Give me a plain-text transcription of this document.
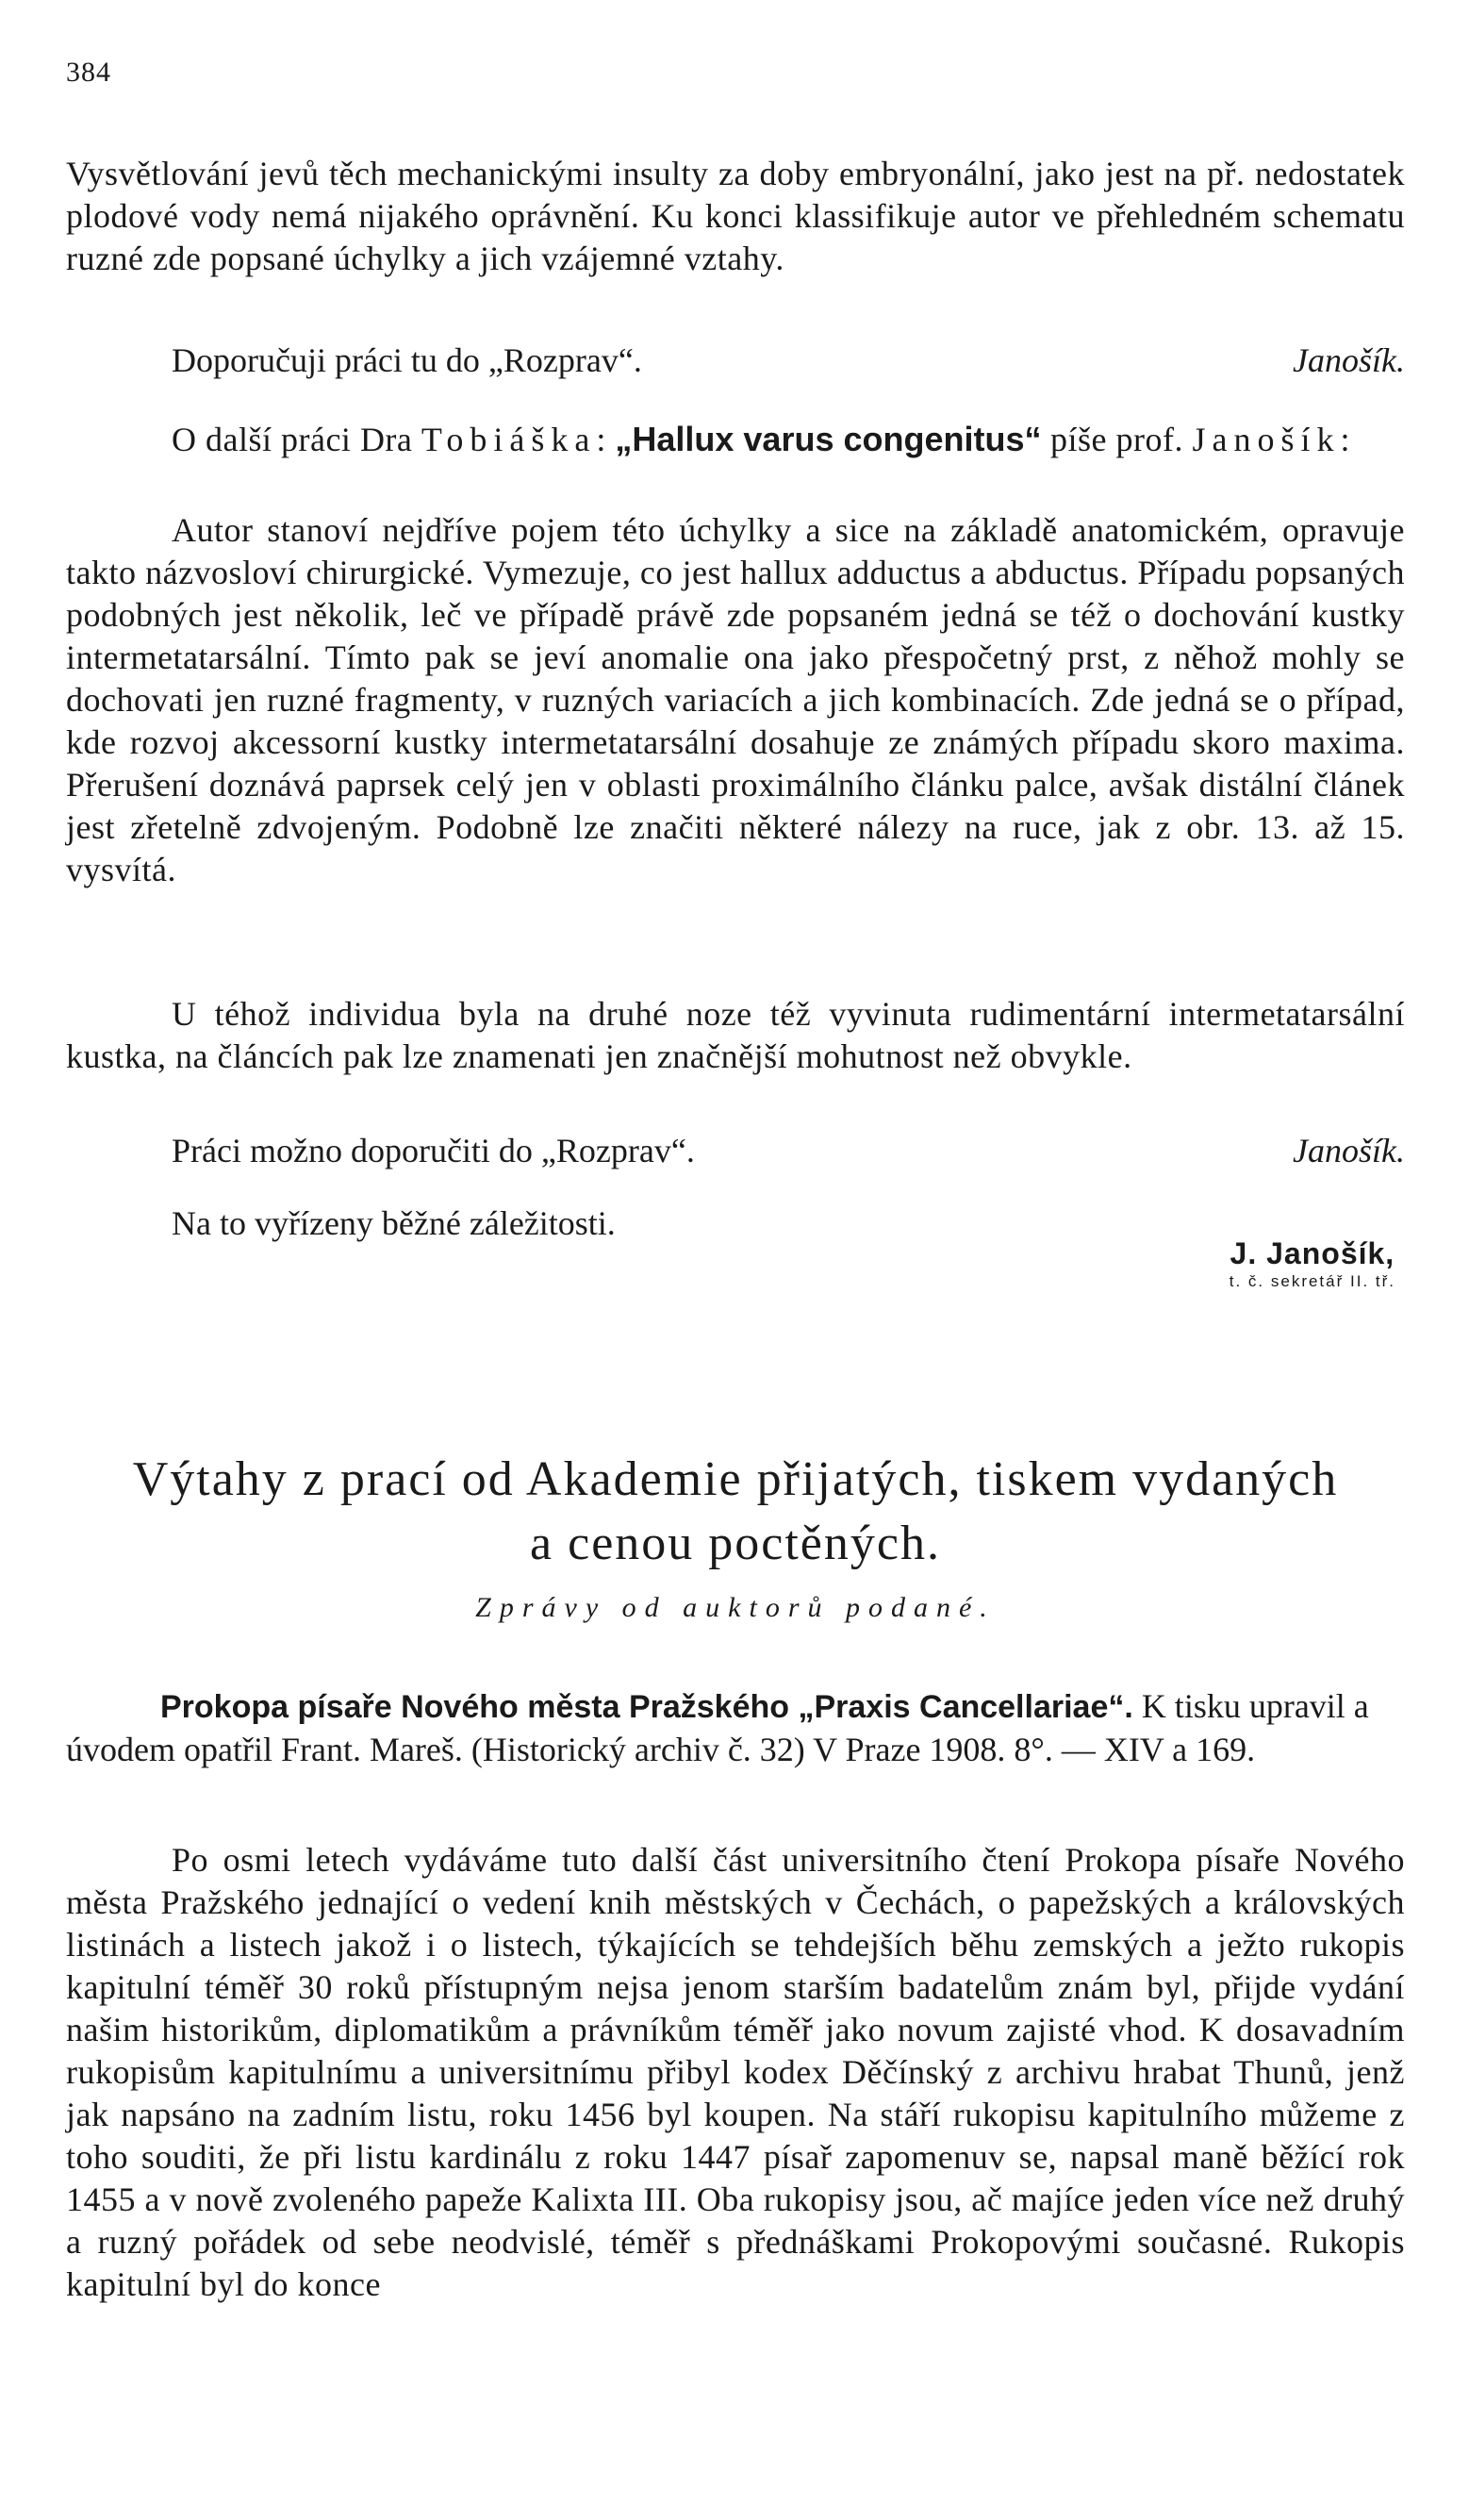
384
Vysvětlování jevů těch mechanickými insulty za doby embryonální, jako jest na př. nedostatek plodové vody nemá nijakého oprávnění. Ku konci klassifikuje autor ve přehledném schematu ruzné zde popsané úchylky a jich vzájemné vztahy.
Doporučuji práci tu do „Rozprav“.	Janošík.
O další práci Dra Tobiáška: „Hallux varus congenitus“ píše prof. Janošík:
Autor stanoví nejdříve pojem této úchylky a sice na základě anatomickém, opravuje takto názvosloví chirurgické. Vymezuje, co jest hallux adductus a abductus. Případu popsaných podobných jest několik, leč ve případě právě zde popsaném jedná se též o dochování kustky intermetatarsální. Tímto pak se jeví anomalie ona jako přespočetný prst, z něhož mohly se dochovati jen ruzné fragmenty, v ruzných variacích a jich kombinacích. Zde jedná se o případ, kde rozvoj akcessorní kustky intermetatarsální dosahuje ze známých případu skoro maxima. Přerušení doznává paprsek celý jen v oblasti proximálního článku palce, avšak distální článek jest zřetelně zdvojeným. Podobně lze značiti některé nálezy na ruce, jak z obr. 13. až 15. vysvítá.
U téhož individua byla na druhé noze též vyvinuta rudimentární intermetatarsální kustka, na článcích pak lze znamenati jen značnější mohutnost než obvykle.
Práci možno doporučiti do „Rozprav“.	Janošík.
Na to vyřízeny běžné záležitosti.
J. Janošík,
t. č. sekretář II. tř.
Výtahy z prací od Akademie přijatých, tiskem vydaných
a cenou poctěných.
Zprávy od auktorů podané.
Prokopa písaře Nového města Pražského „Praxis Cancellariae“. K tisku upravil a úvodem opatřil Frant. Mareš. (Historický archiv č. 32) V Praze 1908. 8°. — XIV a 169.
Po osmi letech vydáváme tuto další část universitního čtení Prokopa písaře Nového města Pražského jednající o vedení knih městských v Čechách, o papežských a královských listinách a listech jakož i o listech, týkajících se tehdejších běhu zemských a ježto rukopis kapitulní téměř 30 roků přístupným nejsa jenom starším badatelům znám byl, přijde vydání našim historikům, diplomatikům a právníkům téměř jako novum zajisté vhod. K dosavadním rukopisům kapitulnímu a universitnímu přibyl kodex Děčínský z archivu hrabat Thunů, jenž jak napsáno na zadním listu, roku 1456 byl koupen. Na stáří rukopisu kapitulního můžeme z toho souditi, že při listu kardinálu z roku 1447 písař zapomenuv se, napsal maně běžící rok 1455 a v nově zvoleného papeže Kalixta III. Oba rukopisy jsou, ač majíce jeden více než druhý a ruzný pořádek od sebe neodvislé, téměř s přednáškami Prokopovými současné. Rukopis kapitulní byl do konce
